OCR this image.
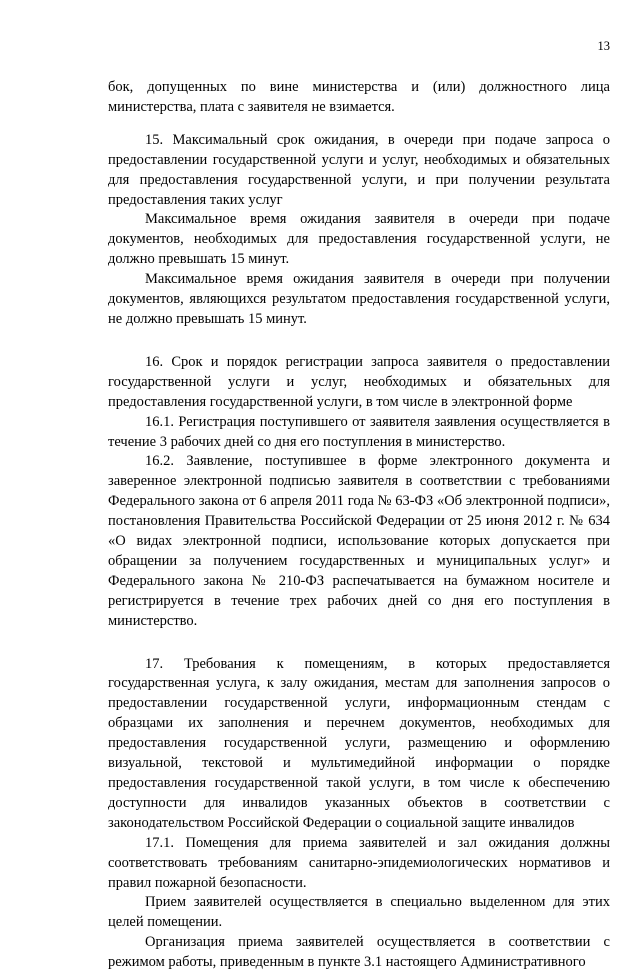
13

бок, допущенных по вине министерства и (или) должностного лица министерства, плата с заявителя не взимается.

15. Максимальный срок ожидания, в очереди при подаче запроса о предоставлении государственной услуги и услуг, необходимых и обязательных для предоставления государственной услуги, и при получении результата предоставления таких услуг

Максимальное время ожидания заявителя в очереди при подаче документов, необходимых для предоставления государственной услуги, не должно превышать 15 минут.

Максимальное время ожидания заявителя в очереди при получении документов, являющихся результатом предоставления государственной услуги, не должно превышать 15 минут.

16. Срок и порядок регистрации запроса заявителя о предоставлении государственной услуги и услуг, необходимых и обязательных для предоставления государственной услуги, в том числе в электронной форме

16.1. Регистрация поступившего от заявителя заявления осуществляется в течение 3 рабочих дней со дня его поступления в министерство.

16.2. Заявление, поступившее в форме электронного документа и заверенное электронной подписью заявителя в соответствии с требованиями Федерального закона от 6 апреля 2011 года № 63-ФЗ «Об электронной подписи», постановления Правительства Российской Федерации от 25 июня 2012 г. № 634 «О видах электронной подписи, использование которых допускается при обращении за получением государственных и муниципальных услуг» и Федерального закона № 210-ФЗ распечатывается на бумажном носителе и регистрируется в течение трех рабочих дней со дня его поступления в министерство.

17. Требования к помещениям, в которых предоставляется государственная услуга, к залу ожидания, местам для заполнения запросов о предоставлении государственной услуги, информационным стендам с образцами их заполнения и перечнем документов, необходимых для предоставления государственной услуги, размещению и оформлению визуальной, текстовой и мультимедийной информации о порядке предоставления государственной такой услуги, в том числе к обеспечению доступности для инвалидов указанных объектов в соответствии с законодательством Российской Федерации о социальной защите инвалидов

17.1. Помещения для приема заявителей и зал ожидания должны соответствовать требованиям санитарно-эпидемиологических нормативов и правил пожарной безопасности.

Прием заявителей осуществляется в специально выделенном для этих целей помещении.

Организация приема заявителей осуществляется в соответствии с режимом работы, приведенным в пункте 3.1 настоящего Административного
